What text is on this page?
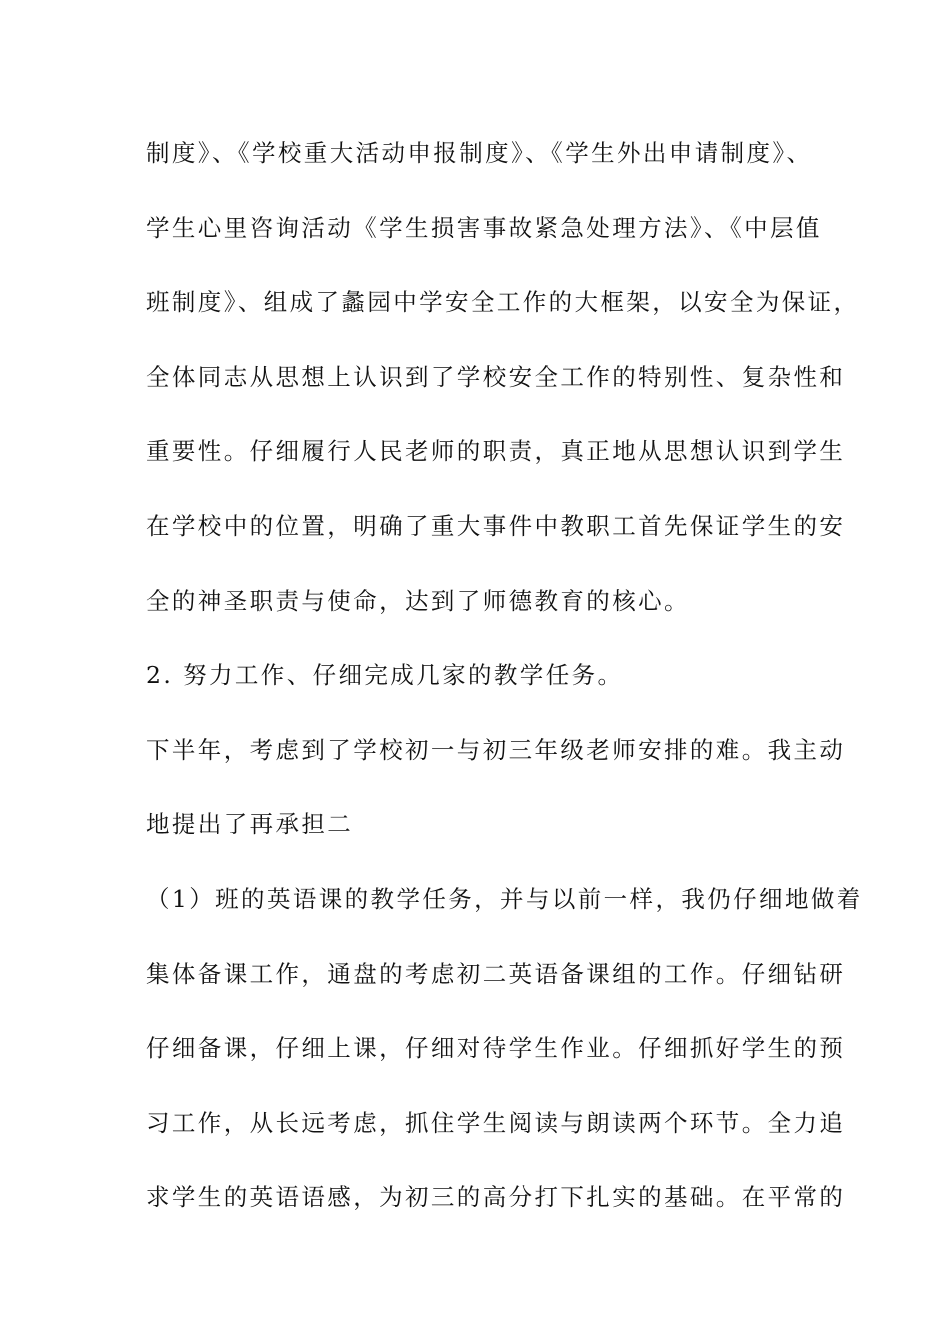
制度》、《学校重大活动申报制度》、《学生外出申请制度》、
学生心里咨询活动《学生损害事故紧急处理方法》、《中层值
班制度》、组成了蠡园中学安全工作的大框架，以安全为保证，
全体同志从思想上认识到了学校安全工作的特别性、复杂性和
重要性。仔细履行人民老师的职责，真正地从思想认识到学生
在学校中的位置，明确了重大事件中教职工首先保证学生的安
全的神圣职责与使命，达到了师德教育的核心。
2. 努力工作、仔细完成几家的教学任务。
下半年，考虑到了学校初一与初三年级老师安排的难。我主动
地提出了再承担二
（1）班的英语课的教学任务，并与以前一样，我仍仔细地做着
集体备课工作，通盘的考虑初二英语备课组的工作。仔细钻研
仔细备课，仔细上课，仔细对待学生作业。仔细抓好学生的预
习工作，从长远考虑，抓住学生阅读与朗读两个环节。全力追
求学生的英语语感，为初三的高分打下扎实的基础。在平常的
